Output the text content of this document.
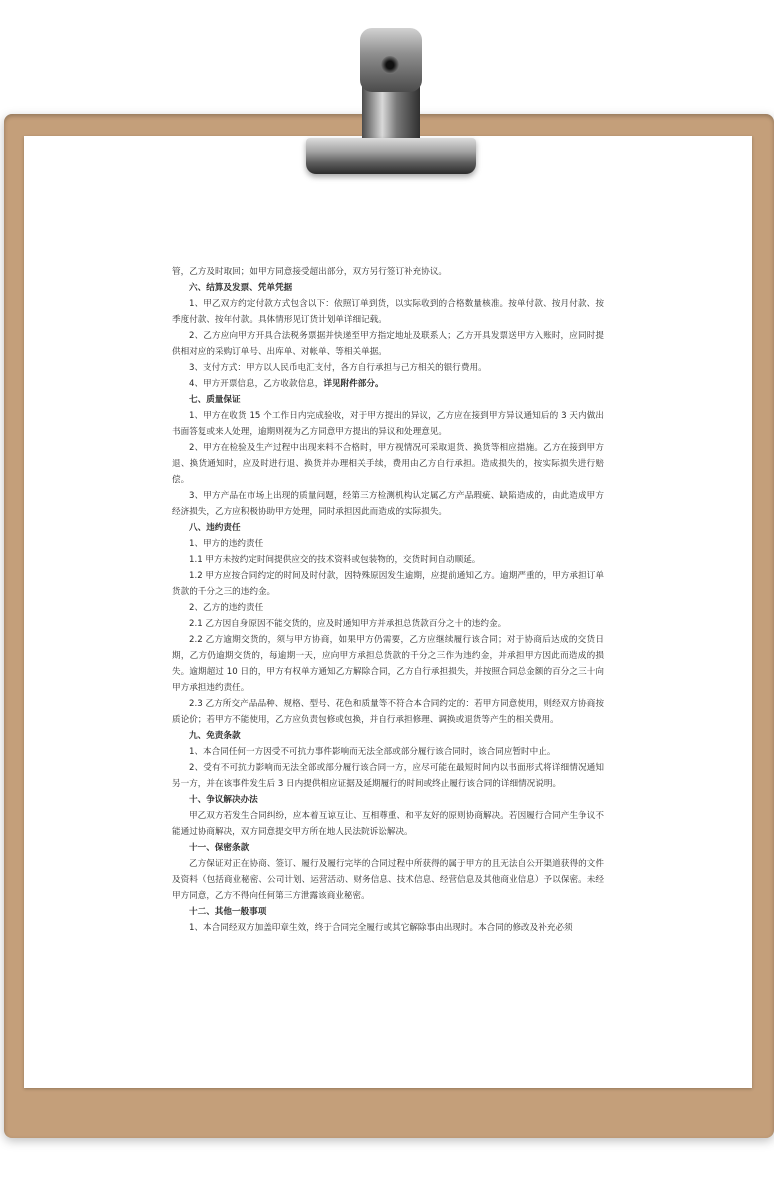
管，乙方及时取回；如甲方同意接受超出部分，双方另行签订补充协议。

六、结算及发票、凭单凭据

1、甲乙双方约定付款方式包含以下：依照订单到货，以实际收到的合格数量核准。按单付款、按月付款、按季度付款、按年付款。具体情形见订货计划单详细记载。

2、乙方应向甲方开具合法税务票据并快递至甲方指定地址及联系人；乙方开具发票送甲方入账时，应同时提供相对应的采购订单号、出库单、对帐单、等相关单据。

3、支付方式：甲方以人民币电汇支付，各方自行承担与己方相关的银行费用。

4、甲方开票信息，乙方收款信息，详见附件部分。

七、质量保证

1、甲方在收货 15 个工作日内完成验收，对于甲方提出的异议，乙方应在接到甲方异议通知后的 3 天内做出书面答复或来人处理，逾期则视为乙方同意甲方提出的异议和处理意见。

2、甲方在检验及生产过程中出现来料不合格时，甲方视情况可采取退货、换货等相应措施。乙方在接到甲方退、换货通知时，应及时进行退、换货并办理相关手续，费用由乙方自行承担。造成损失的，按实际损失进行赔偿。

3、甲方产品在市场上出现的质量问题，经第三方检测机构认定属乙方产品瑕疵、缺陷造成的，由此造成甲方经济损失，乙方应积极协助甲方处理，同时承担因此而造成的实际损失。

八、违约责任

1、甲方的违约责任

1.1 甲方未按约定时间提供应交的技术资料或包装物的，交货时间自动顺延。

1.2 甲方应按合同约定的时间及时付款，因特殊原因发生逾期，应提前通知乙方。逾期严重的，甲方承担订单货款的千分之三的违约金。

2、乙方的违约责任

2.1 乙方因自身原因不能交货的，应及时通知甲方并承担总货款百分之十的违约金。

2.2 乙方逾期交货的，须与甲方协商，如果甲方仍需要，乙方应继续履行该合同；对于协商后达成的交货日期，乙方仍逾期交货的，每逾期一天，应向甲方承担总货款的千分之三作为违约金，并承担甲方因此而造成的损失。逾期超过 10 日的，甲方有权单方通知乙方解除合同，乙方自行承担损失，并按照合同总金额的百分之三十向甲方承担违约责任。

2.3 乙方所交产品品种、规格、型号、花色和质量等不符合本合同约定的：若甲方同意使用，则经双方协商按质论价；若甲方不能使用，乙方应负责包修或包换，并自行承担修理、调换或退货等产生的相关费用。

九、免责条款

1、本合同任何一方因受不可抗力事件影响而无法全部或部分履行该合同时，该合同应暂时中止。

2、受有不可抗力影响而无法全部或部分履行该合同一方，应尽可能在最短时间内以书面形式将详细情况通知另一方，并在该事件发生后 3 日内提供相应证据及延期履行的时间或终止履行该合同的详细情况说明。

十、争议解决办法

甲乙双方若发生合同纠纷，应本着互谅互让、互相尊重、和平友好的原则协商解决。若因履行合同产生争议不能通过协商解决，双方同意提交甲方所在地人民法院诉讼解决。

十一、保密条款

乙方保证对正在协商、签订、履行及履行完毕的合同过程中所获得的属于甲方的且无法自公开渠道获得的文件及资料（包括商业秘密、公司计划、运营活动、财务信息、技术信息、经营信息及其他商业信息）予以保密。未经甲方同意，乙方不得向任何第三方泄露该商业秘密。

十二、其他一般事项

1、本合同经双方加盖印章生效，终于合同完全履行或其它解除事由出现时。本合同的修改及补充必须
